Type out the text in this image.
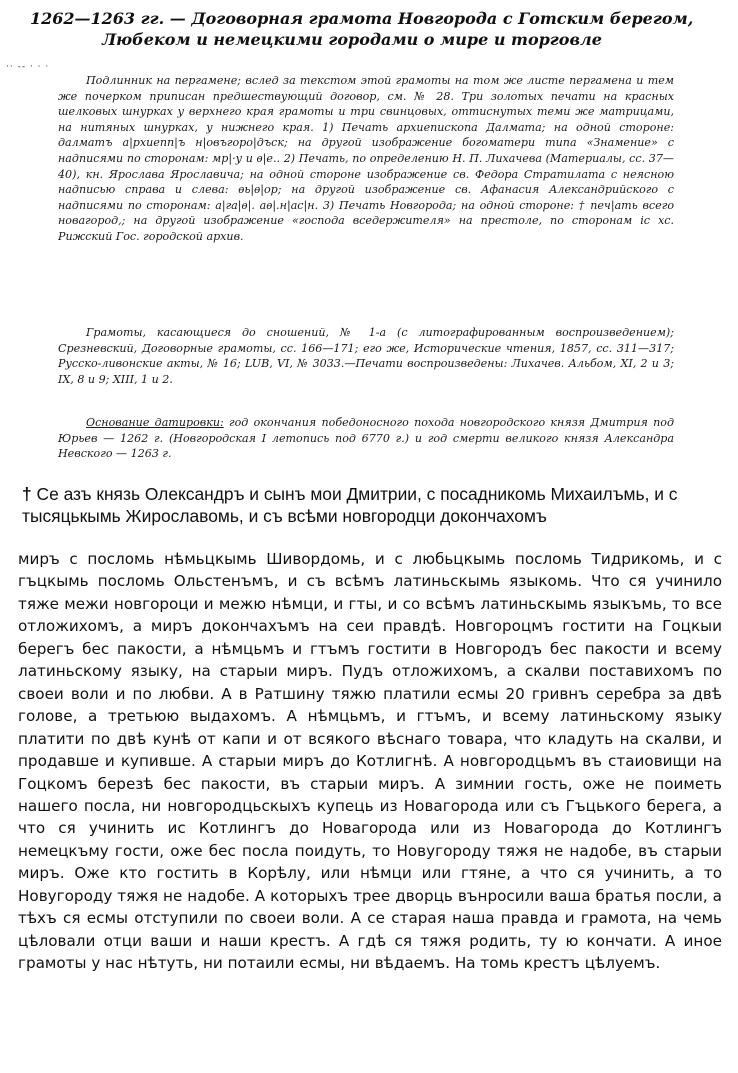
1262—1263 гг. — Договорная грамота Новгорода с Готским берегом,
Любеком и немецкими городами о мире и торговле
·· -- · · ·

Подлинник на пергамене; вслед за текстом этой грамоты на том же листе пергамена и тем же почерком приписан предшествующий договор, см. № 28. Три золотых печати на красных шелковых шнурках у верхнего края грамоты и три свинцовых, оттиснутых теми же матрицами, на нитяных шнурках, у нижнего края. 1) Печать архиепископа Далмата; на одной стороне: далматъ а|рхиепп|ъ н|овъгоро|дъск; на другой изображение богоматери типа «Знамение» с надписями по сторонам: мр|·у и ѳ|е.. 2) Печать, по определению Н. П. Лихачева (Материалы, сс. 37—40), кн. Ярослава Ярославича; на одной стороне изображение св. Федора Стратилата с неясною надписью справа и слева: ѳь|ѳ|ор; на другой изображение св. Афанасия Александрийского с надписями по сторонам: а|га|ѳ|. аѳ|.н|ас|н. 3) Печать Новгорода; на одной стороне: † печ|ать всего новагород,; на другой изображение «господа вседержителя» на престоле, по сторонам ic xc. Рижский Гос. городской архив.

Грамоты, касающиеся до сношений, № 1-а (с литографированным воспроизведением); Срезневский, Договорные грамоты, сс. 166—171; его же, Исторические чтения, 1857, сс. 311—317; Русско-ливонские акты, № 16; LUB, VI, № 3033.—Печати воспроизведены: Лихачев. Альбом, XI, 2 и 3; IX, 8 и 9; XIII, 1 и 2.

Основание датировки: год окончания победоносного похода новгородского князя Дмитрия под Юрьев — 1262 г. (Новгородская I летопись под 6770 г.) и год смерти великого князя Александра Невского — 1263 г.

† Се азъ князь Олександръ и сынъ мои Дмитрии, с посадникомь Михаилъмь, и с тысяцькымь Жирославомь, и съ всѣми новгородци докончахомъ

миръ с посломь нѣмьцкымь Шивордомь, и с любьцкымь посломь Тидрикомь, и с гъцкымь посломь Ольстенъмъ, и съ всѣмъ латиньскымь языкомь. Что ся учинило тяже межи новгороци и межю нѣмци, и гты, и со всѣмъ латиньскымь языкъмь, то все отложихомъ, а миръ докончахъмъ на сеи правдѣ. Новгороцмъ гостити на Гоцкыи берегъ бес пакости, а нѣмцьмъ и гтъмъ гостити в Новгородъ бес пакости и всему латиньскому языку, на старыи миръ. Пудъ отложихомъ, а скалви поставихомъ по своеи воли и по любви. А в Ратшину тяжю платили есмы 20 гривнъ серебра за двѣ голове, а третьюю выдахомъ. А нѣмцьмъ, и гтъмъ, и всему латиньскому языку платити по двѣ кунѣ от капи и от всякого вѣснаго товара, что кладуть на скалви, и продавше и купивше. А старыи миръ до Котлигнѣ. А новгородцьмъ въ стаиовищи на Гоцкомъ березѣ бес пакости, въ старыи миръ. А зимнии гость, оже не поиметь нашего посла, ни новгородцьскыхъ купець из Новагорода или съ Гъцького берега, а что ся учинить ис Котлингъ до Новагорода или из Новагорода до Котлингъ немецкъму гости, оже бес посла поидуть, то Новугороду тяжя не надобе, въ старыи миръ. Оже кто гостить в Корѣлу, или нѣмци или гтяне, а что ся учинить, а то Новугороду тяжя не надобе. А которыхъ трее дворць вънросили ваша братья посли, а тѣхъ ся есмы отступили по своеи воли. А се старая наша правда и грамота, на чемь цѣловали отци ваши и наши крестъ. А гдѣ ся тяжя родить, ту ю кончати. А иное грамоты у нас нѣтуть, ни потаили есмы, ни вѣдаемъ. На томь крестъ цѣлуемъ.
